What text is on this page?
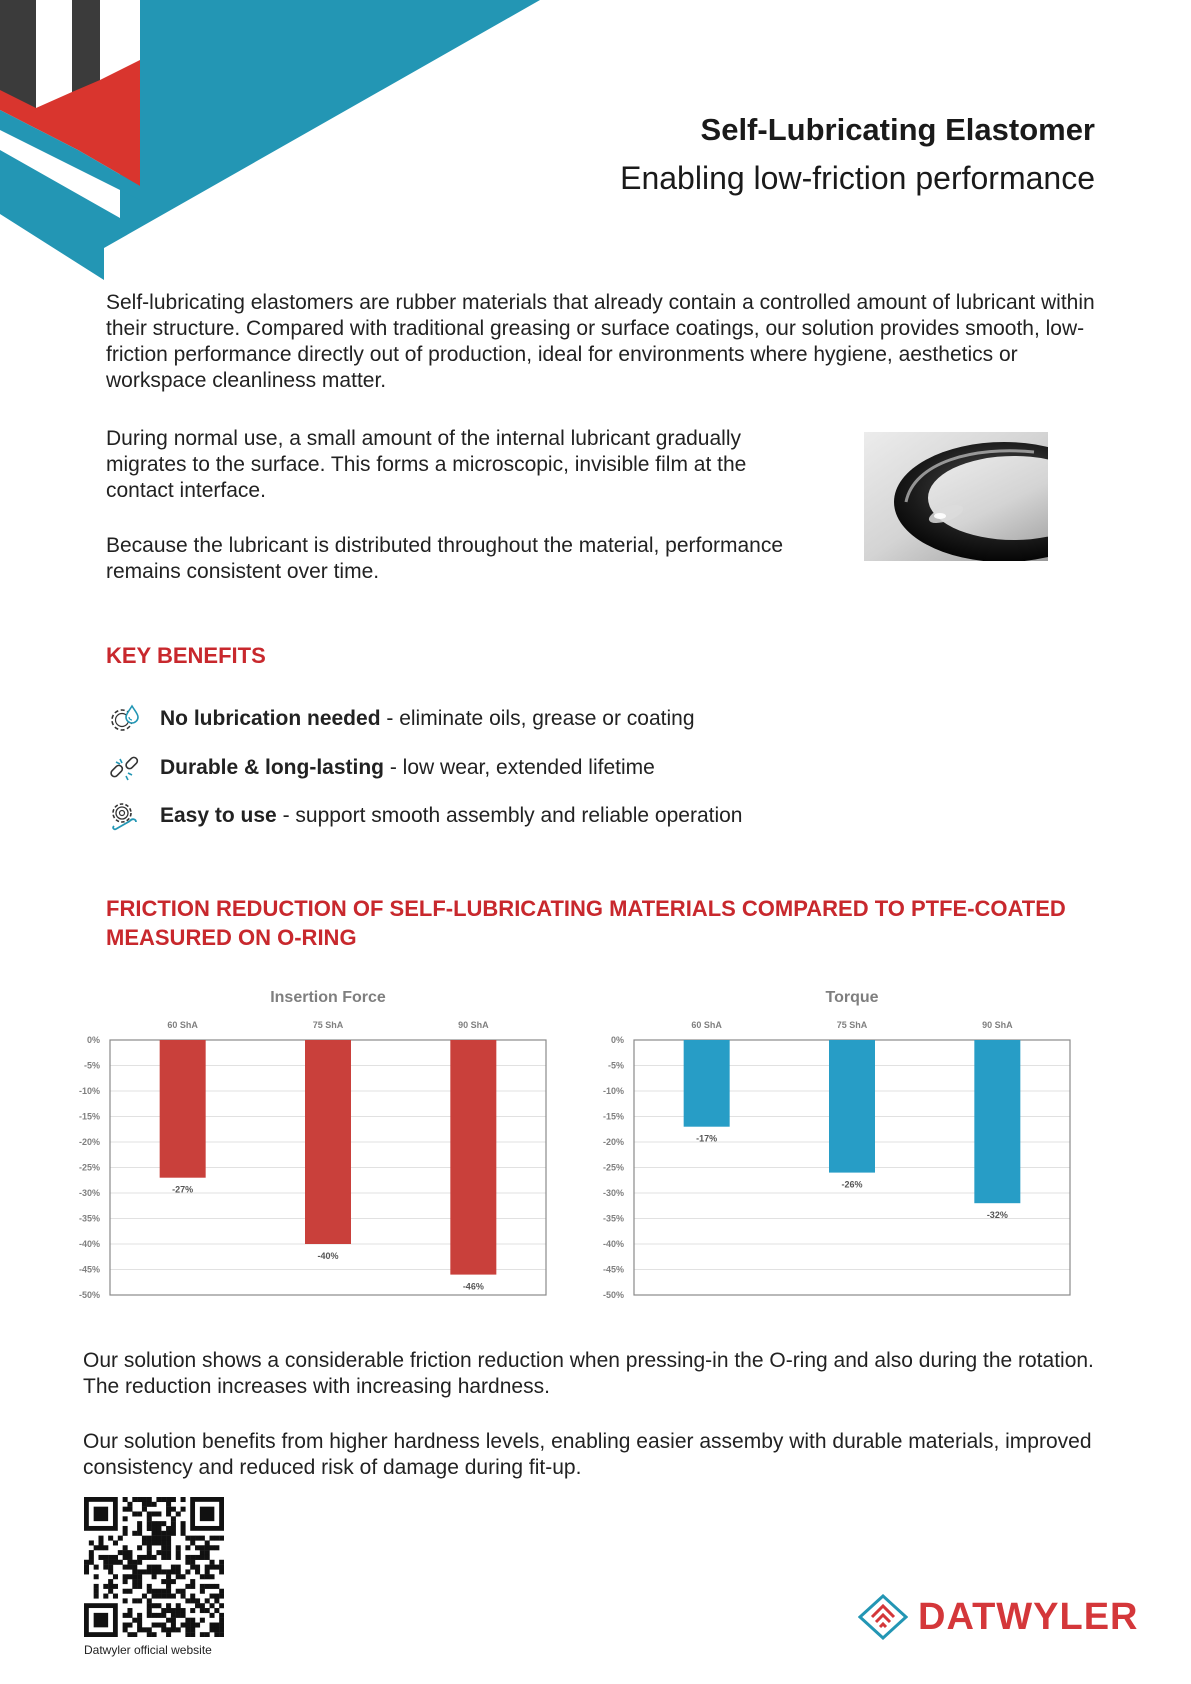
Self-Lubricating Elastomer
Enabling low-friction performance

Self-lubricating elastomers are rubber materials that already contain a controlled amount of lubricant within their structure. Compared with traditional greasing or surface coatings, our solution provides smooth, low-friction performance directly out of production, ideal for environments where hygiene, aesthetics or workspace cleanliness matter.

During normal use, a small amount of the internal lubricant gradually migrates to the surface. This forms a microscopic, invisible film at the contact interface.

Because the lubricant is distributed throughout the material, performance remains consistent over time.

KEY BENEFITS
No lubrication needed - eliminate oils, grease or coating
Durable & long-lasting - low wear, extended lifetime
Easy to use - support smooth assembly and reliable operation
FRICTION REDUCTION OF SELF-LUBRICATING MATERIALS COMPARED TO PTFE-COATED MEASURED ON O-RING
Insertion Force
0%
-5%
-10%
-15%
-20%
-25%
-30%
-35%
-40%
-45%
-50%
60 ShA
-27%
75 ShA
-40%
90 ShA
-46%
Torque
0%
-5%
-10%
-15%
-20%
-25%
-30%
-35%
-40%
-45%
-50%
60 ShA
-17%
75 ShA
-26%
90 ShA
-32%

Our solution shows a considerable friction reduction when pressing-in the O-ring and also during the rotation. The reduction increases with increasing hardness.

Our solution benefits from higher hardness levels, enabling easier assemby with durable materials, improved consistency and reduced risk of damage during fit-up.

Datwyler official website
DATWYLER
